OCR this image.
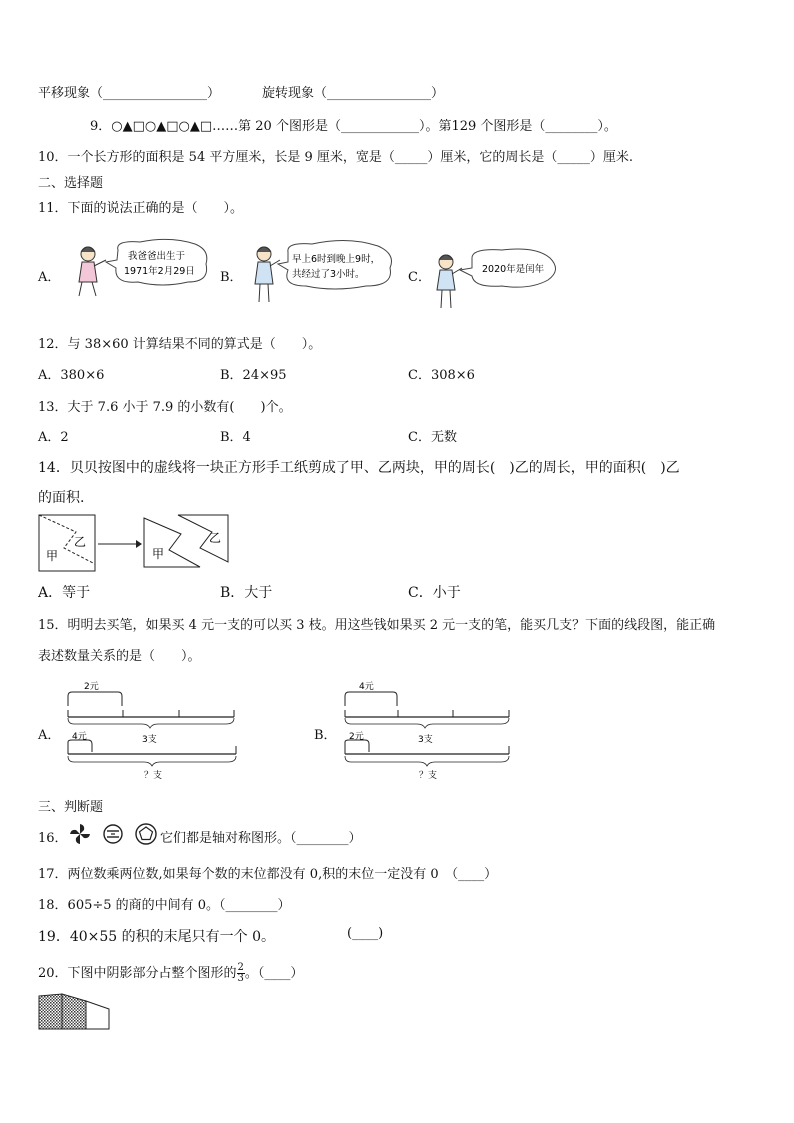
平移现象（________________）	旋转现象（________________）
9．○▲□○▲□○▲□……第 20 个图形是（____________）。第129 个图形是（________）。
10．一个长方形的面积是 54 平方厘米，长是 9 厘米，宽是（_____）厘米，它的周长是（_____）厘米.
二、选择题
11．下面的说法正确的是（　　）。
A．
我爸爸出生于
1971年2月29日 B．
早上6时到晚上9时，
共经过了3小时。	C．
2020年是闰年
12．与 38×60 计算结果不同的算式是（　　）。
A．380×6	B．24×95	C．308×6
13．大于 7.6 小于 7.9 的小数有(　　)个。
A．2	B．4	C．无数
14．贝贝按图中的虚线将一块正方形手工纸剪成了甲、乙两块，甲的周长(　)乙的周长，甲的面积(　)乙
的面积.
甲
乙
甲
乙
A．等于	B．大于	C．小于
15．明明去买笔，如果买 4 元一支的可以买 3 枝。用这些钱如果买 2 元一支的笔，能买几支？下面的线段图，能正确
表述数量关系的是（　　）。
A．
2元
3支
4元
？支
B．
4元
3支
2元
？支
三、判断题
16．	它们都是轴对称图形。（________）
17．两位数乘两位数,如果每个数的末位都没有 0,积的末位一定没有 0　（____）
18．605÷5 的商的中间有 0。（________）
19．40×55 的积的末尾只有一个 0。	(____)
20．下图中阴影部分占整个图形的 $\frac{2}{3}$ 。（____）
